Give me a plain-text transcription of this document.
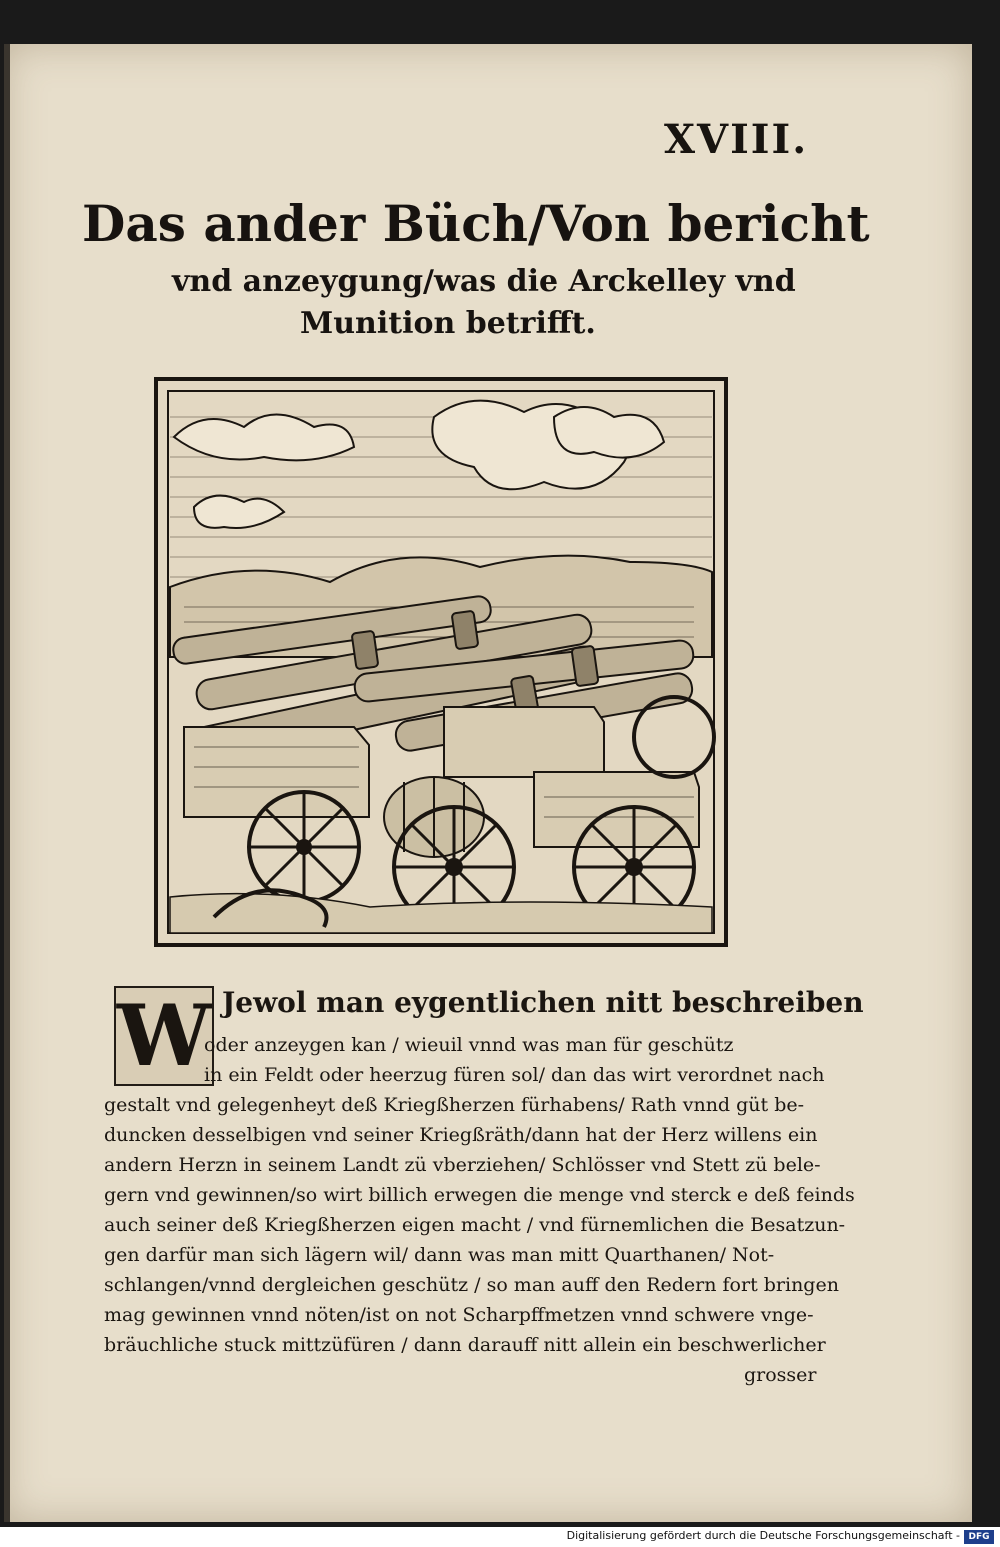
XVIII.
Das ander Büch/Von bericht
vnd anzeygung/was die Arckelley vnd
Munition betrifft.
W Jewol man eygentlichen nitt beschreiben
oder anzeygen kan / wieuil vnnd was man für geschütz
in ein Feldt oder heerzug füren sol/ dan das wirt verordnet nach
gestalt vnd gelegenheyt deß Kriegßherzen fürhabens/ Rath vnnd güt be-
duncken desselbigen vnd seiner Kriegßräth/dann hat der Herz willens ein
andern Herzn in seinem Landt zü vberziehen/ Schlösser vnd Stett zü bele-
gern vnd gewinnen/so wirt billich erwegen die menge vnd sterck e deß feinds
auch seiner deß Kriegßherzen eigen macht / vnd fürnemlichen die Besatzun-
gen darfür man sich lägern wil/ dann was man mitt Quarthanen/ Not-
schlangen/vnnd dergleichen geschütz / so man auff den Redern fort bringen
mag gewinnen vnnd nöten/ist on not Scharpffmetzen vnnd schwere vnge-
bräuchliche stuck mittzüfüren / dann darauff nitt allein ein beschwerlicher
grosser
Digitalisierung gefördert durch die Deutsche Forschungsgemeinschaft - DFG
